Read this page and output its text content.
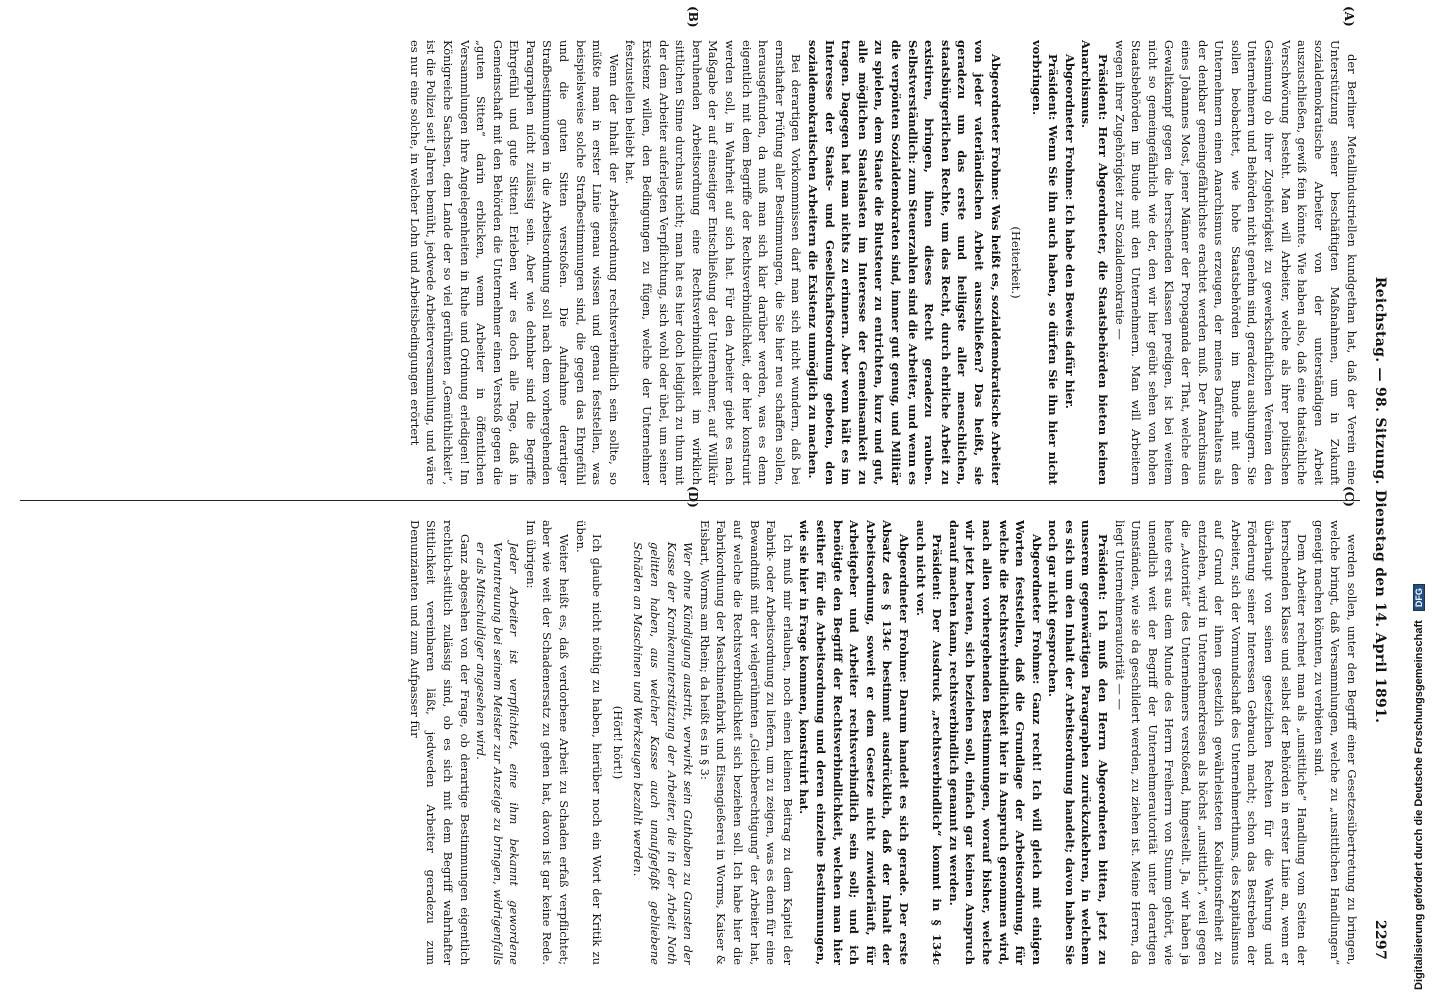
Reichstag. — 98. Sitzung. Dienstag den 14. April 1891.
2297
(A)
(B)
(C)
(D)

der Berliner Metallindustriellen kundgethan hat, daß der Verein eine Unterstützung seiner beschäftigten Maßnahmen, um in Zukunft sozialdemokratische Arbeiter von der unterständigen Arbeit auszuschließen, gewiß fein könnte. Wie haben also, daß eine thatsächliche Verschwörung besteht. Man will Arbeiter, welche als ihrer politischen Gesinnung ob ihrer Zugehörigkeit zu gewerkschaftlichen Vereinen den Unternehmern und Behörden nicht genehm sind, geradezu aushungern. Sie sollen beobachtet, wie hohe Staatsbehörden im Bunde mit den Unternehmern einen Anarchismus erzeugen, der meines Dafürhaltens als der denkbar gemeingefährlichste erachtet werden muß. Der Anarchismus eines Johannes Most, jener Männer der Propaganda der That, welche den Gewaltkampf gegen die herrschenden Klassen predigen, ist bei weitem nicht so gemeingefährlich wie der, den wir hier geübt sehen von hohen Staatsbehörden im Bunde mit den Unternehmern. Man will Arbeitern wegen ihrer Zugehörigkeit zur Sozialdemokratie —

Präsident: Herr Abgeordneter, die Staatsbehörden bieten keinen Anarchismus.

Abgeordneter Frohme: Ich habe den Beweis dafür hier.

Präsident: Wenn Sie ihn auch haben, so dürfen Sie ihn hier nicht vorbringen.

(Heiterkeit.)

Abgeordneter Frohme: Was heißt es, sozialdemokratische Arbeiter von jeder vaterländischen Arbeit ausschließen? Das heißt, sie geradezu um das erste und heiligste aller menschlichen, staatsbürgerlichen Rechte, um das Recht, durch ehrliche Arbeit zu existiren, bringen, ihnen dieses Recht geradezu rauben. Selbstverständlich: zum Steuerzahlen sind die Arbeiter, und wenn es die verpönten Sozialdemokraten sind, immer gut genug, und Militär zu spielen, dem Staate die Blutsteuer zu entrichten, kurz und gut, alle möglichen Staatslasten im Interesse der Gemeinsamkeit zu tragen. Dagegen hat man nichts zu erinnern. Aber wenn hält es im Interesse der Staats- und Gesellschaftsordnung geboten, den sozialdemokratischen Arbeitern die Existenz unmöglich zu machen.

Bei derartigen Vorkommnissen darf man sich nicht wundern, daß bei ernsthafter Prüfung aller Bestimmungen, die Sie hier neu schaffen sollen, herausgefunden, da muß man sich klar darüber werden, was es denn eigentlich mit dem Begriffe der Rechtsverbindlichkeit, der hier konstruirt werden soll, in Wahrheit auf sich hat. Für den Arbeiter giebt es nach Maßgabe der auf einseitiger Entschließung der Unternehmer, auf Willkür beruhenden Arbeitsordnung eine Rechtsverbindlichkeit im wirklich sittlichen Sinne durchaus nicht; man hat es hier doch lediglich zu thun mit der dem Arbeiter auferlegten Verpflichtung, sich wohl oder übel, um seiner Existenz willen, den Bedingungen zu fügen, welche der Unternehmer festzustellen beliebt hat.

Wenn der Inhalt der Arbeitsordnung rechtsverbindlich sein sollte, so müßte man in erster Linie genau wissen und genau feststellen, was beispielsweise solche Strafbestimmungen sind, die gegen das Ehrgefühl und die guten Sitten verstoßen. Die Aufnahme derartiger Strafbestimmungen in die Arbeitsordnung soll nach dem vorhergehenden Paragraphen nicht zulässig sein. Aber wie dehnbar sind die Begriffe Ehrgefühl und gute Sitten! Erleben wir es doch alle Tage, daß in Gemeinschaft mit den Behörden die Unternehmer einen Verstoß gegen die „guten Sitten“ darin erblicken, wenn Arbeiter in öffentlichen Versammlungen ihre Angelegenheiten in Ruhe und Ordnung erledigen! Im Königreiche Sachsen, dem Lande der so viel gerühmten „Gemüthlichkeit“, ist die Polizei seit Jahren bemüht, jedwede Arbeiterversammlung, und wäre es nur eine solche, in welcher Lohn und Arbeitsbedingungen erörtert

werden sollen, unter den Begriff einer Gesetzesübertretung zu bringen, welche bringt, daß Versammlungen, welche zu „unsittlichen Handlungen“ geneigt machen könnten, zu verbieten sind.

Dem Arbeiter rechnet man als „unsittliche“ Handlung vom Seiten der herrschenden Klasse und selbst der Behörden in erster Linie an, wenn er überhaupt von seinen gesetzlichen Rechten für die Wahrung und Förderung seiner Interessen Gebrauch macht; schon das Bestreben der Arbeiter, sich der Vormundschaft des Unternehmerthums, des Kapitalismus auf Grund der ihnen gesetzlich gewährleisteten Koalitionsfreiheit zu entziehen, wird in Unternehmerkreisen als höchst „unsittlich“, weil gegen die „Autorität“ des Unternehmers verstoßend, hingestellt. Ja, wir haben ja heute erst aus dem Munde des Herrn Freiherrn von Stumm gehört, wie unendlich weit der Begriff der Unternehmerautorität unter derartigen Umständen, wie sie da geschildert werden, zu ziehen ist. Meine Herren, da liegt Unternehmerautorität — —

Präsident: Ich muß den Herrn Abgeordneten bitten, jetzt zu unserem gegenwärtigen Paragraphen zurückzukehren, in welchem es sich um den Inhalt der Arbeitsordnung handelt; davon haben Sie noch gar nicht gesprochen.

Abgeordneter Frohme: Ganz recht! Ich will gleich mit einigen Worten feststellen, daß die Grundlage der Arbeitsordnung, für welche die Rechtsverbindlichkeit hier in Anspruch genommen wird, nach allen vorhergehenden Bestimmungen, worauf bisher, welche wir jetzt beraten, sich beziehen soll, einfach gar keinen Anspruch darauf machen kann, rechtsverbindlich genannt zu werden.

Präsident: Der Ausdruck „rechtsverbindlich“ kommt in § 134c auch nicht vor.

Abgeordneter Frohme: Darum handelt es sich gerade. Der erste Absatz des § 134c bestimmt ausdrücklich, daß der Inhalt der Arbeitsordnung, soweit er dem Gesetze nicht zuwiderläuft, für Arbeitgeber und Arbeiter rechtsverbindlich sein soll; und ich benötigte den Begriff der Rechtsverbindlichkeit, welchen man hier seither für die Arbeitsordnung und deren einzelne Bestimmungen, wie sie hier in Frage kommen, konstruirt hat.

Ich muß mir erlauben, noch einen kleinen Beitrag zu dem Kapitel der Fabrik- oder Arbeitsordnung zu liefern, um zu zeigen, was es denn für eine Bewandtniß mit der vielgerühmten „Gleichberechtigung“ der Arbeiter hat, auf welche die Rechtsverbindlichkeit sich beziehen soll. Ich habe hier die Fabrikordnung der Maschinenfabrik und Eisengießerei in Worms, Kaiser & Eisbart, Worms am Rhein; da heißt es in § 3:

Wer ohne Kündigung austritt, verwirkt sein Guthaben zu Gunsten der Kasse der Krankenunterstützung der Arbeiter, die in der Arbeit Noth gelitten haben, aus welcher Kasse auch unaufgefaßt gebliebene Schäden an Maschinen und Werkzeugen bezahlt werden.

(Hört! hört!)

Ich glaube nicht nöthig zu haben, hierüber noch ein Wort der Kritik zu üben.

Weiter heißt es, daß verdorbene Arbeit zu Schaden erfaß verpflichtet; aber wie weit der Schadenersatz zu gehen hat, davon ist gar keine Rede. Im übrigen:

Jeder Arbeiter ist verpflichtet, eine ihm bekannt gewordene Veruntreuung bei seinem Meister zur Anzeige zu bringen, widrigenfalls er als Mitschuldiger angesehen wird.

Ganz abgesehen von der Frage, ob derartige Bestimmungen eigentlich rechtlich-sittlich zulässig sind, ob es sich mit dem Begriff wahrhafter Sittlichkeit vereinbaren läßt, jedweden Arbeiter geradezu zum Denunzianten und zum Aufpasser für	Digitalisierung gefördert durch die Deutsche Forschungsgemeinschaft DFG
